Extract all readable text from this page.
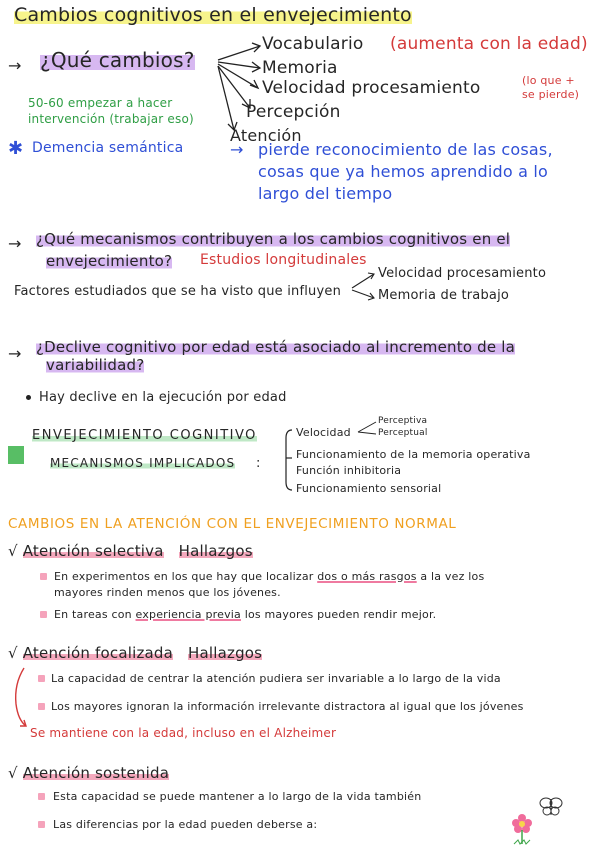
Cambios cognitivos en el envejecimiento
→ ¿Qué cambios?
Vocabulario (aumenta con la edad)
Memoria
Velocidad procesamiento	(lo que +
se pierde)
Percepción
Atención
50-60 empezar a hacer
intervención (trabajar eso)
✱ Demencia semántica	→ pierde reconocimiento de las cosas,
cosas que ya hemos aprendido a lo
largo del tiempo
→ ¿Qué mecanismos contribuyen a los cambios cognitivos en el
envejecimiento? Estudios longitudinales
Factores estudiados que se ha visto que influyen
Velocidad procesamiento
Memoria de trabajo
→ ¿Declive cognitivo por edad está asociado al incremento de la
variabilidad?
Hay declive en la ejecución por edad
ENVEJECIMIENTO COGNITIVO
MECANISMOS IMPLICADOS :
Velocidad
Perceptiva
Perceptual
Funcionamiento de la memoria operativa
Función inhibitoria
Funcionamiento sensorial
CAMBIOS EN LA ATENCIÓN CON EL ENVEJECIMIENTO NORMAL
√ Atención selectiva Hallazgos
En experimentos en los que hay que localizar dos o más rasgos a la vez los
mayores rinden menos que los jóvenes.
En tareas con experiencia previa los mayores pueden rendir mejor.
√ Atención focalizada Hallazgos
La capacidad de centrar la atención pudiera ser invariable a lo largo de la vida
Los mayores ignoran la información irrelevante distractora al igual que los jóvenes
Se mantiene con la edad, incluso en el Alzheimer
√ Atención sostenida
Esta capacidad se puede mantener a lo largo de la vida también
Las diferencias por la edad pueden deberse a:
